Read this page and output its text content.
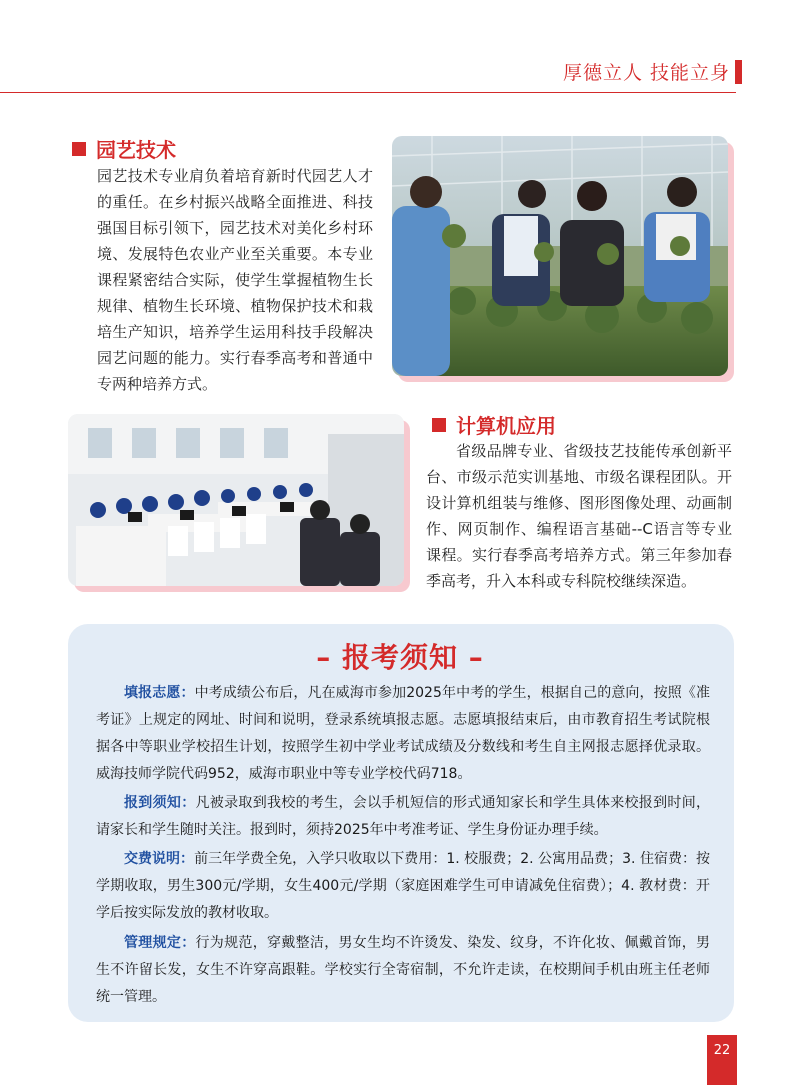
厚德立人 技能立身
园艺技术
园艺技术专业肩负着培育新时代园艺人才的重任。在乡村振兴战略全面推进、科技强国目标引领下，园艺技术对美化乡村环境、发展特色农业产业至关重要。本专业课程紧密结合实际，使学生掌握植物生长规律、植物生长环境、植物保护技术和栽培生产知识，培养学生运用科技手段解决园艺问题的能力。实行春季高考和普通中专两种培养方式。
计算机应用
省级品牌专业、省级技艺技能传承创新平台、市级示范实训基地、市级名课程团队。开设计算机组装与维修、图形图像处理、动画制作、网页制作、编程语言基础--C语言等专业课程。实行春季高考培养方式。第三年参加春季高考，升入本科或专科院校继续深造。
– 报考须知 –
填报志愿：中考成绩公布后，凡在威海市参加2025年中考的学生，根据自己的意向，按照《准考证》上规定的网址、时间和说明，登录系统填报志愿。志愿填报结束后，由市教育招生考试院根据各中等职业学校招生计划，按照学生初中学业考试成绩及分数线和考生自主网报志愿择优录取。威海技师学院代码952，威海市职业中等专业学校代码718。
报到须知：凡被录取到我校的考生，会以手机短信的形式通知家长和学生具体来校报到时间，请家长和学生随时关注。报到时，须持2025年中考准考证、学生身份证办理手续。
交费说明：前三年学费全免，入学只收取以下费用：1. 校服费；2. 公寓用品费；3. 住宿费：按学期收取，男生300元/学期，女生400元/学期（家庭困难学生可申请减免住宿费）；4. 教材费：开学后按实际发放的教材收取。
管理规定：行为规范，穿戴整洁，男女生均不许烫发、染发、纹身，不许化妆、佩戴首饰，男生不许留长发，女生不许穿高跟鞋。学校实行全寄宿制，不允许走读，在校期间手机由班主任老师统一管理。
22
